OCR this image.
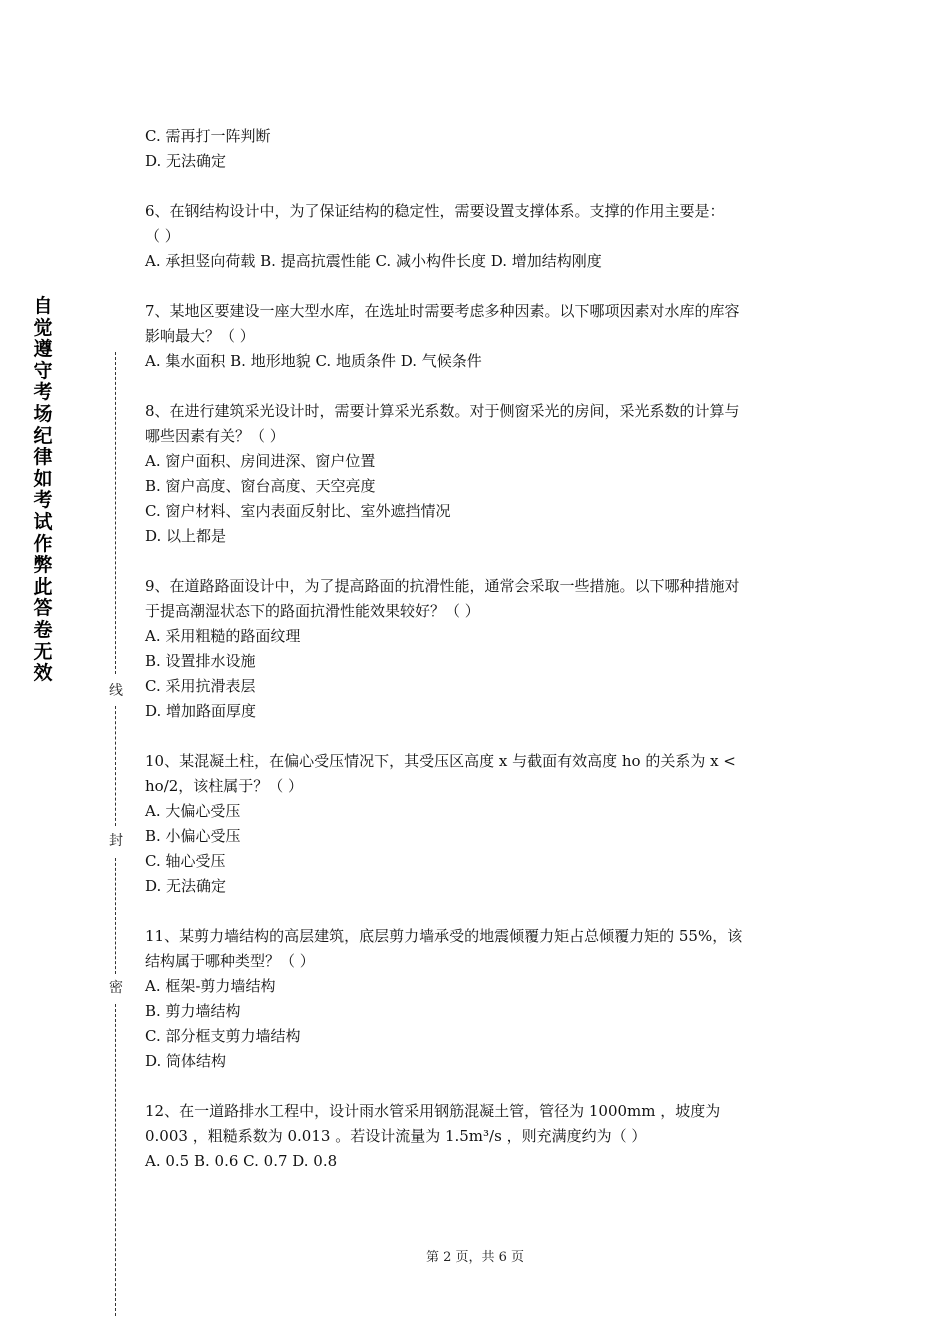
自觉遵守考场纪律如考试作弊此答卷无效
线
封
密
C. 需再打一阵判断
D. 无法确定
6、在钢结构设计中，为了保证结构的稳定性，需要设置支撑体系。支撑的作用主要是：
（ ）
A. 承担竖向荷载 B. 提高抗震性能 C. 减小构件长度 D. 增加结构刚度
7、某地区要建设一座大型水库，在选址时需要考虑多种因素。以下哪项因素对水库的库容
影响最大？（ ）
A. 集水面积 B. 地形地貌 C. 地质条件 D. 气候条件
8、在进行建筑采光设计时，需要计算采光系数。对于侧窗采光的房间，采光系数的计算与
哪些因素有关？（ ）
A. 窗户面积、房间进深、窗户位置
B. 窗户高度、窗台高度、天空亮度
C. 窗户材料、室内表面反射比、室外遮挡情况
D. 以上都是
9、在道路路面设计中，为了提高路面的抗滑性能，通常会采取一些措施。以下哪种措施对
于提高潮湿状态下的路面抗滑性能效果较好？（ ）
A. 采用粗糙的路面纹理
B. 设置排水设施
C. 采用抗滑表层
D. 增加路面厚度
10、某混凝土柱，在偏心受压情况下，其受压区高度 x 与截面有效高度 ho 的关系为 x <
ho/2，该柱属于？（ ）
A. 大偏心受压
B. 小偏心受压
C. 轴心受压
D. 无法确定
11、某剪力墙结构的高层建筑，底层剪力墙承受的地震倾覆力矩占总倾覆力矩的 55%，该
结构属于哪种类型？（ ）
A. 框架-剪力墙结构
B. 剪力墙结构
C. 部分框支剪力墙结构
D. 筒体结构
12、在一道路排水工程中，设计雨水管采用钢筋混凝土管，管径为 1000mm ，坡度为
0.003 ，粗糙系数为 0.013 。若设计流量为 1.5m³/s ，则充满度约为（ ）
A. 0.5 B. 0.6 C. 0.7 D. 0.8
第 2 页，共 6 页
